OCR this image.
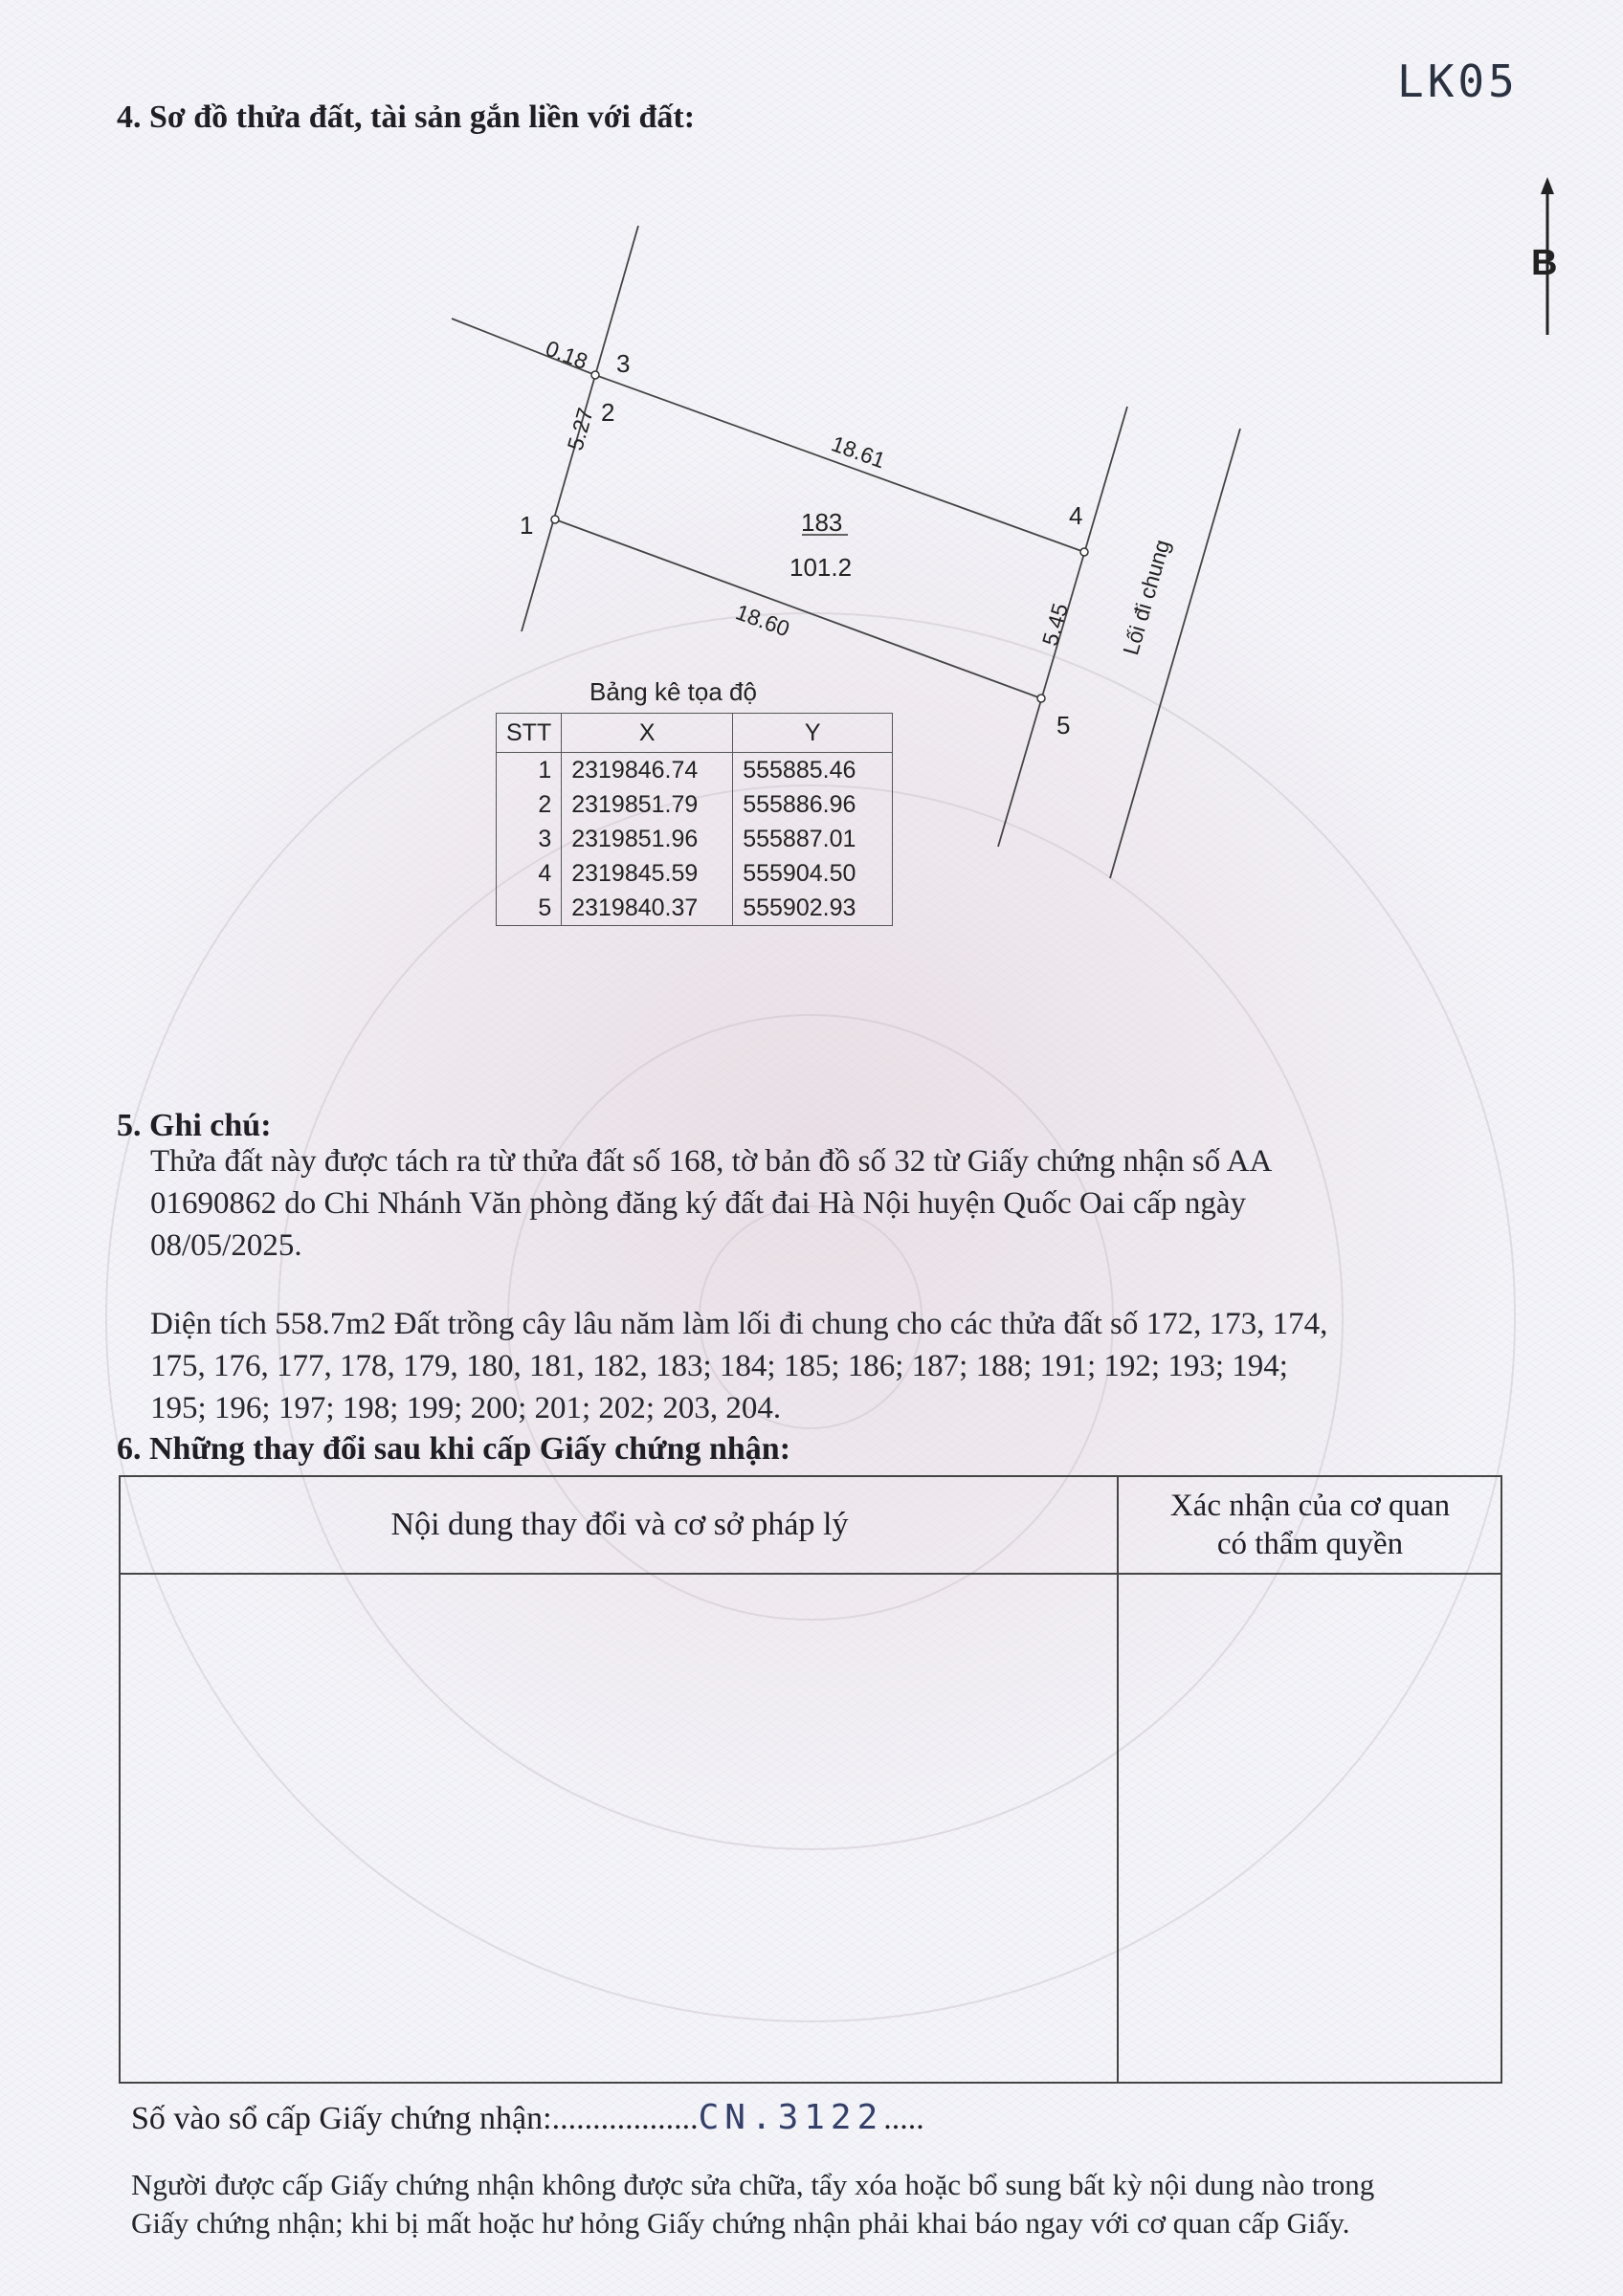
LK05
4. Sơ đồ thửa đất, tài sản gắn liền với đất:
B
0.18 3
2
5.27	18.61
1	183
101.2
4
18.60	5.45
5
Lối đi chung
Bảng kê tọa độ
STT	X	Y
1	2319846.74	555885.46
2	2319851.79	555886.96
3	2319851.96	555887.01
4	2319845.59	555904.50
5	2319840.37	555902.93
5. Ghi chú:
Thửa đất này được tách ra từ thửa đất số 168, tờ bản đồ số 32 từ Giấy chứng nhận số AA
01690862 do Chi Nhánh Văn phòng đăng ký đất đai Hà Nội huyện Quốc Oai cấp ngày
08/05/2025.
Diện tích 558.7m2 Đất trồng cây lâu năm làm lối đi chung cho các thửa đất số 172, 173, 174,
175, 176, 177, 178, 179, 180, 181, 182, 183; 184; 185; 186; 187; 188; 191; 192; 193; 194;
195; 196; 197; 198; 199; 200; 201; 202; 203, 204.
6. Những thay đổi sau khi cấp Giấy chứng nhận:
Nội dung thay đổi và cơ sở pháp lý
Xác nhận của cơ quan
có thẩm quyền
Số vào sổ cấp Giấy chứng nhận:..................CN.3122.....
Người được cấp Giấy chứng nhận không được sửa chữa, tẩy xóa hoặc bổ sung bất kỳ nội dung nào trong
Giấy chứng nhận; khi bị mất hoặc hư hỏng Giấy chứng nhận phải khai báo ngay với cơ quan cấp Giấy.
